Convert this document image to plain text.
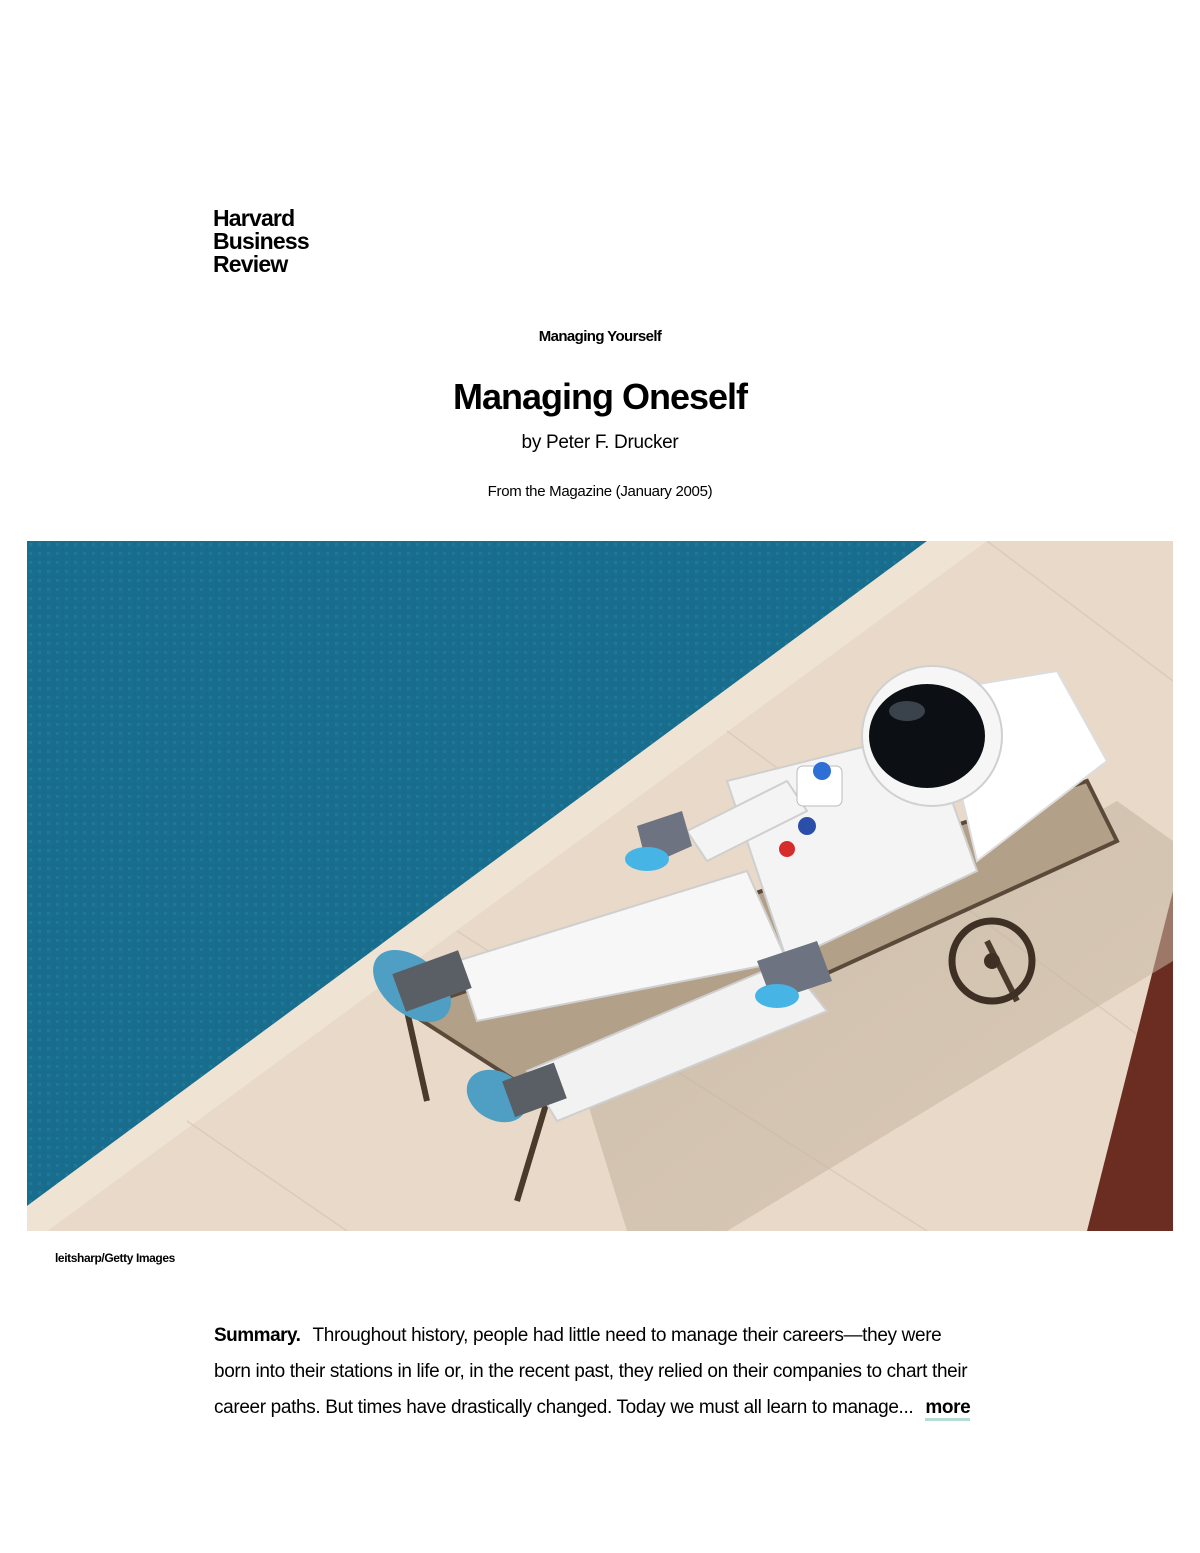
Harvard
Business
Review
Managing Yourself
Managing Oneself
by Peter F. Drucker
From the Magazine (January 2005)
leitsharp/Getty Images

Summary. Throughout history, people had little need to manage their careers—they were born into their stations in life or, in the recent past, they relied on their companies to chart their career paths. But times have drastically changed. Today we must all learn to manage... more
